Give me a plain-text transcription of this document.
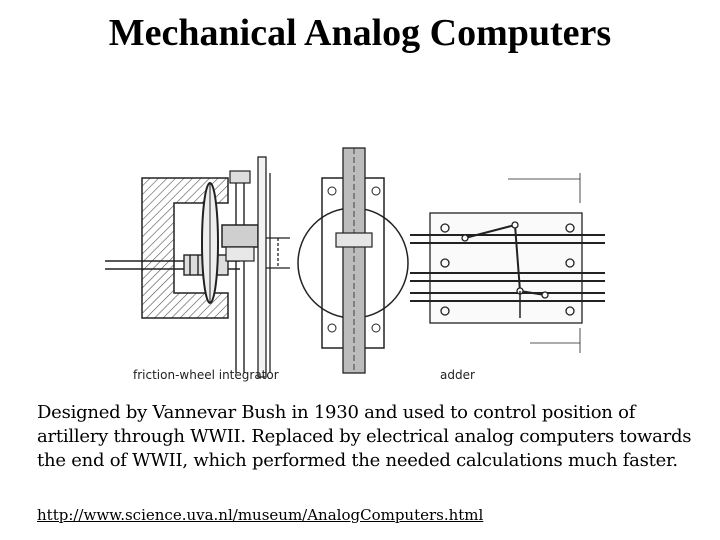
Mechanical Analog Computers
friction-wheel integrator	adder
Designed by Vannevar Bush in 1930 and used to control position of artillery through WWII. Replaced by electrical analog computers towards the end of WWII, which performed the needed calculations much faster.
http://www.science.uva.nl/museum/AnalogComputers.html
